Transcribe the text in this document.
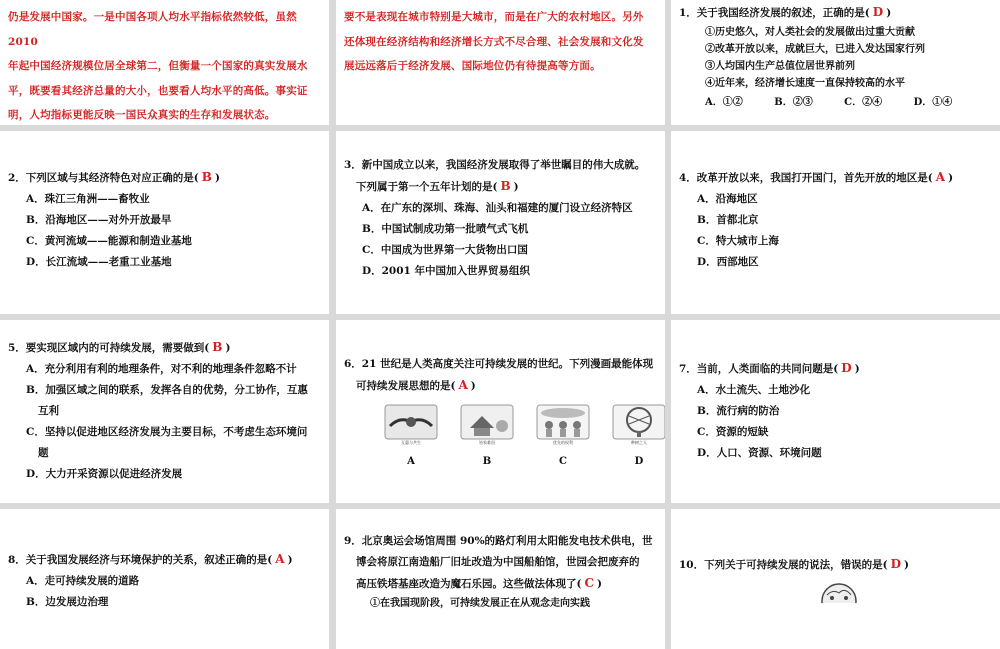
仍是发展中国家。一是中国各项人均水平指标依然较低，虽然 2010
年起中国经济规模位居全球第二，但衡量一个国家的真实发展水
平，既要看其经济总量的大小，也要看人均水平的高低。事实证
明，人均指标更能反映一国民众真实的生存和发展状态。

要不是表现在城市特别是大城市，而是在广大的农村地区。另外
还体现在经济结构和经济增长方式不尽合理、社会发展和文化发
展远远落后于经济发展、国际地位仍有待提高等方面。
1．关于我国经济发展的叙述，正确的是( D )
①历史悠久，对人类社会的发展做出过重大贡献
②改革开放以来，成就巨大，已进入发达国家行列
③人均国内生产总值位居世界前列
④近年来，经济增长速度一直保持较高的水平
A．①②　 B．②③　 C．②④　 D．①④
2．下列区域与其经济特色对应正确的是( B )
A．珠江三角洲——畜牧业
B．沿海地区——对外开放最早
C．黄河流域——能源和制造业基地
D．长江流域——老重工业基地
3．新中国成立以来，我国经济发展取得了举世瞩目的伟大成就。
下列属于第一个五年计划的是( B )
A．在广东的深圳、珠海、汕头和福建的厦门设立经济特区
B．中国试制成功第一批喷气式飞机
C．中国成为世界第一大货物出口国
D．2001 年中国加入世界贸易组织
4．改革开放以来，我国打开国门，首先开放的地区是( A )
A．沿海地区
B．首都北京
C．特大城市上海
D．西部地区
5．要实现区域内的可持续发展，需要做到( B )
A．充分利用有利的地理条件，对不利的地理条件忽略不计
B．加强区域之间的联系，发挥各自的优势，分工协作，互惠
互利
C．坚持以促进地区经济发展为主要目标，不考虑生态环境问
题
D．大力开采资源以促进经济发展
6．21 世纪是人类高度关注可持续发展的世纪。下列漫画最能体现
可持续发展思想的是( A )
互惠与共生
A
皆家难回
B
优先的权利
C
种树之人
D
7．当前，人类面临的共同问题是( D )
A．水土流失、土地沙化
B．流行病的防治
C．资源的短缺
D．人口、资源、环境问题
8．关于我国发展经济与环境保护的关系，叙述正确的是( A )
A．走可持续发展的道路
B．边发展边治理
9．北京奥运会场馆周围 90%的路灯利用太阳能发电技术供电，世
博会将原江南造船厂旧址改造为中国船舶馆，世园会把废弃的
高压铁塔基座改造为魔石乐园。这些做法体现了( C )
①在我国现阶段，可持续发展正在从观念走向实践
10．下列关于可持续发展的说法，错误的是( D )
